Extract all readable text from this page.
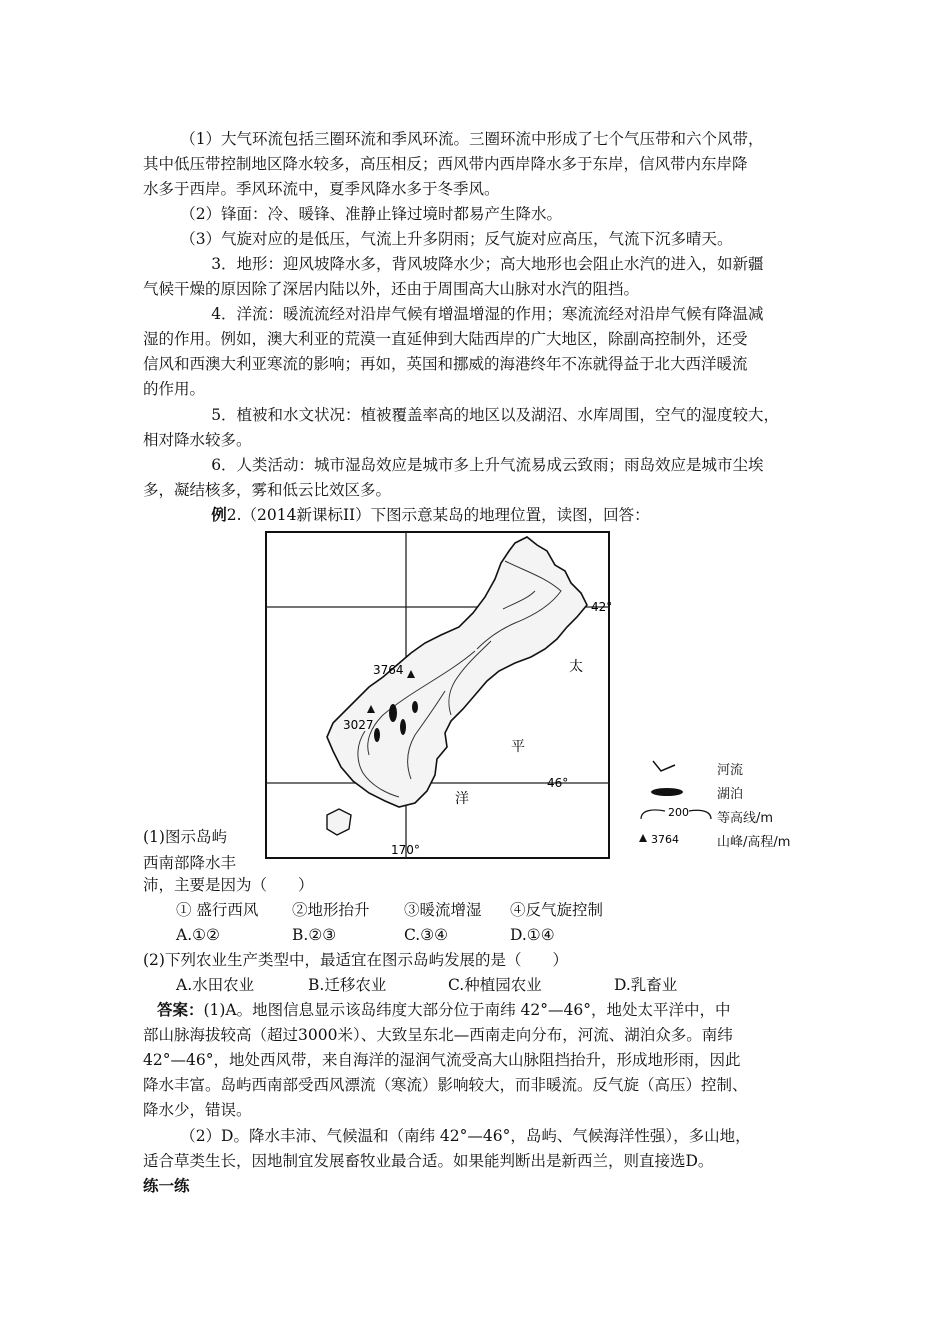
（1）大气环流包括三圈环流和季风环流。三圈环流中形成了七个气压带和六个风带，

其中低压带控制地区降水较多，高压相反；西风带内西岸降水多于东岸，信风带内东岸降

水多于西岸。季风环流中，夏季风降水多于冬季风。

（2）锋面：冷、暖锋、准静止锋过境时都易产生降水。

（3）气旋对应的是低压，气流上升多阴雨；反气旋对应高压，气流下沉多晴天。

3．地形：迎风坡降水多，背风坡降水少；高大地形也会阻止水汽的进入，如新疆

气候干燥的原因除了深居内陆以外，还由于周围高大山脉对水汽的阻挡。

4．洋流：暖流流经对沿岸气候有增温增湿的作用；寒流流经对沿岸气候有降温减

湿的作用。例如，澳大利亚的荒漠一直延伸到大陆西岸的广大地区，除副高控制外，还受

信风和西澳大利亚寒流的影响；再如，英国和挪威的海港终年不冻就得益于北大西洋暖流

的作用。

5．植被和水文状况：植被覆盖率高的地区以及湖沼、水库周围，空气的湿度较大，

相对降水较多。

6．人类活动：城市湿岛效应是城市多上升气流易成云致雨；雨岛效应是城市尘埃

多，凝结核多，雾和低云比效区多。

例2.（2014新课标II）下图示意某岛的地理位置，读图，回答：

42°
46°
170°
3764
3027
太
平
洋
河流
湖泊
200 等高线/m
3764	山峰/高程/m
(1)图示岛屿
西南部降水丰

沛，主要是因为（　　）

① 盛行西风 ②地形抬升 ③暖流增湿 ④反气旋控制
A.①②	B.②③	C.③④	D.①④

(2)下列农业生产类型中，最适宜在图示岛屿发展的是（　　）

A.水田农业	B.迁移农业	C.种植园农业	D.乳畜业

答案：(1)A。地图信息显示该岛纬度大部分位于南纬 42°—46°，地处太平洋中，中

部山脉海拔较高（超过3000米）、大致呈东北—西南走向分布，河流、湖泊众多。南纬

42°—46°，地处西风带，来自海洋的湿润气流受高大山脉阻挡抬升，形成地形雨，因此

降水丰富。岛屿西南部受西风漂流（寒流）影响较大，而非暖流。反气旋（高压）控制、

降水少，错误。

（2）D。降水丰沛、气候温和（南纬 42°—46°，岛屿、气候海洋性强），多山地，

适合草类生长，因地制宜发展畜牧业最合适。如果能判断出是新西兰，则直接选D。

练一练
